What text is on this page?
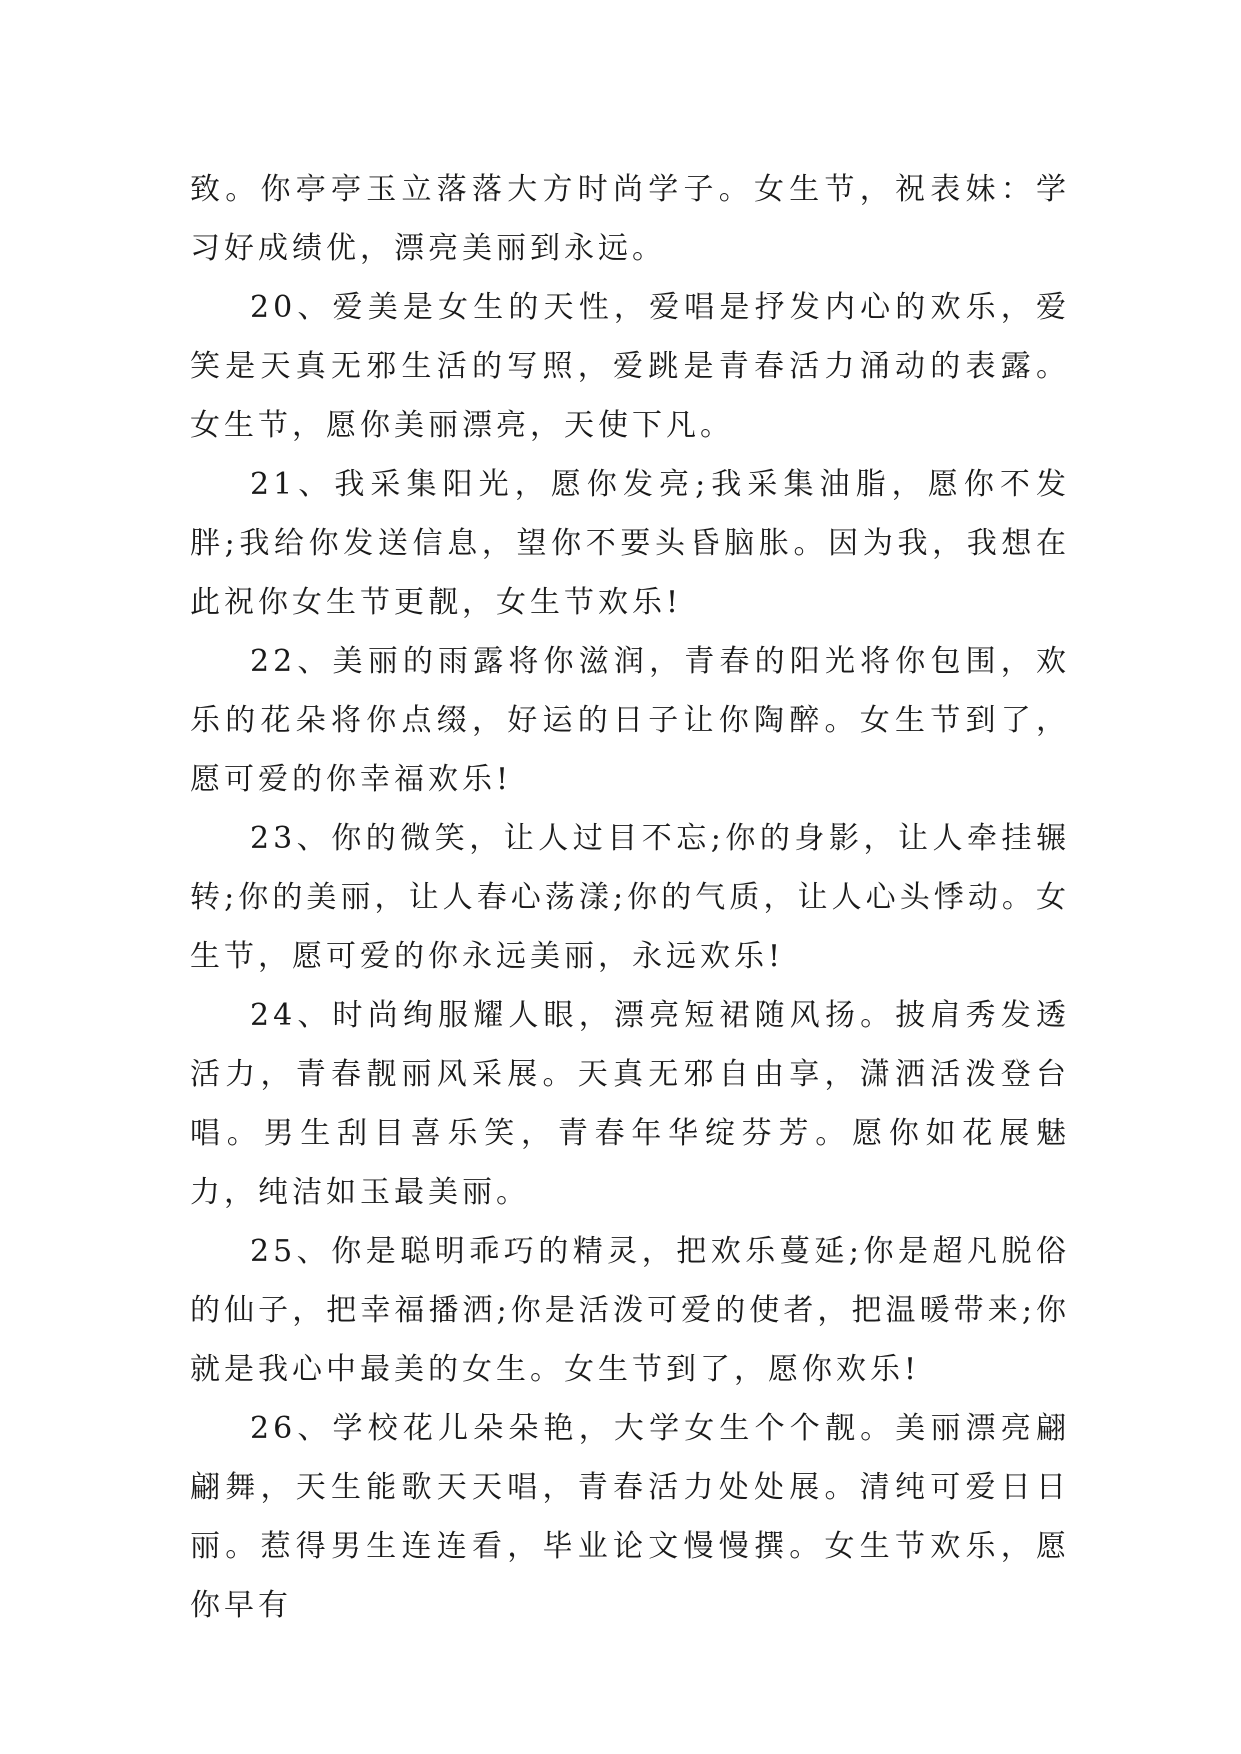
致。你亭亭玉立落落大方时尚学子。女生节，祝表妹：学习好成绩优，漂亮美丽到永远。

20、爱美是女生的天性，爱唱是抒发内心的欢乐，爱笑是天真无邪生活的写照，爱跳是青春活力涌动的表露。女生节，愿你美丽漂亮，天使下凡。

21、我采集阳光，愿你发亮;我采集油脂，愿你不发胖;我给你发送信息，望你不要头昏脑胀。因为我，我想在此祝你女生节更靓，女生节欢乐!

22、美丽的雨露将你滋润，青春的阳光将你包围，欢乐的花朵将你点缀，好运的日子让你陶醉。女生节到了，愿可爱的你幸福欢乐!

23、你的微笑，让人过目不忘;你的身影，让人牵挂辗转;你的美丽，让人春心荡漾;你的气质，让人心头悸动。女生节，愿可爱的你永远美丽，永远欢乐!

24、时尚绚服耀人眼，漂亮短裙随风扬。披肩秀发透活力，青春靓丽风采展。天真无邪自由享，潇洒活泼登台唱。男生刮目喜乐笑，青春年华绽芬芳。愿你如花展魅力，纯洁如玉最美丽。

25、你是聪明乖巧的精灵，把欢乐蔓延;你是超凡脱俗的仙子，把幸福播洒;你是活泼可爱的使者，把温暖带来;你就是我心中最美的女生。女生节到了，愿你欢乐!

26、学校花儿朵朵艳，大学女生个个靓。美丽漂亮翩翩舞，天生能歌天天唱，青春活力处处展。清纯可爱日日丽。惹得男生连连看，毕业论文慢慢撰。女生节欢乐，愿你早有
